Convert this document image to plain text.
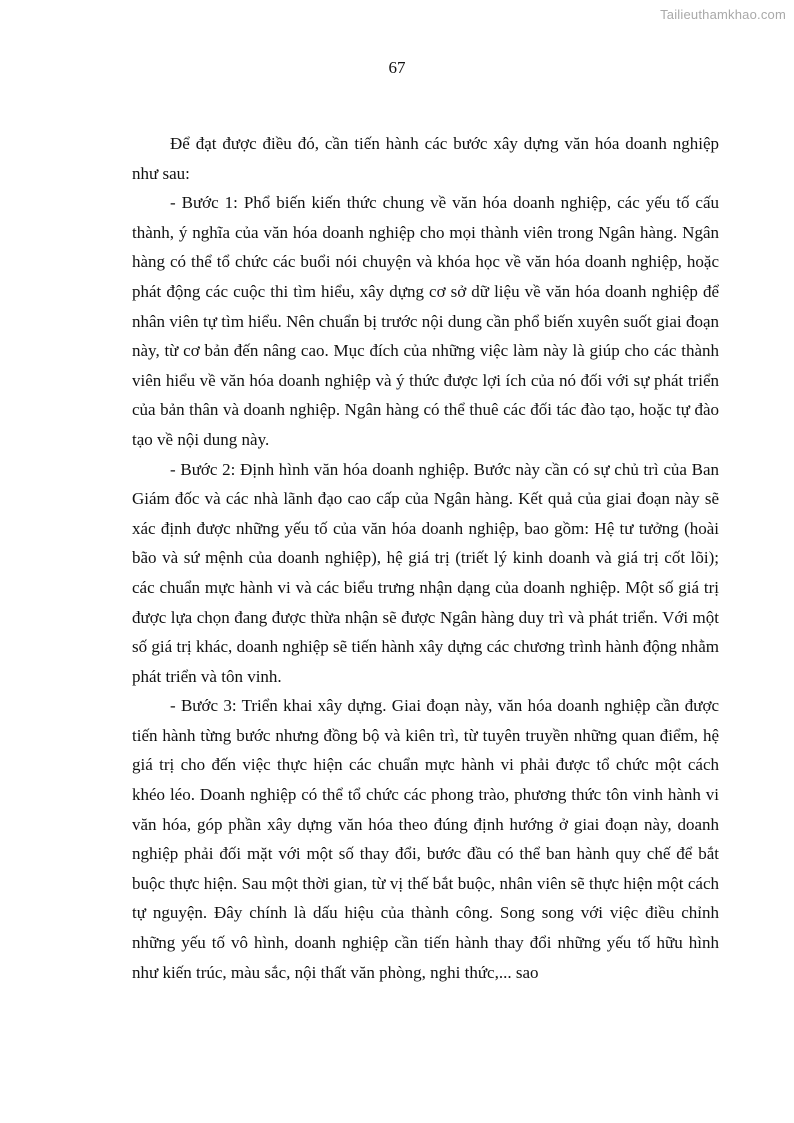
Tailieuthamkhao.com
67

Để đạt được điều đó, cần tiến hành các bước xây dựng văn hóa doanh nghiệp như sau:

- Bước 1: Phổ biến kiến thức chung về văn hóa doanh nghiệp, các yếu tố cấu thành, ý nghĩa của văn hóa doanh nghiệp cho mọi thành viên trong Ngân hàng. Ngân hàng có thể tổ chức các buổi nói chuyện và khóa học về văn hóa doanh nghiệp, hoặc phát động các cuộc thi tìm hiểu, xây dựng cơ sở dữ liệu về văn hóa doanh nghiệp để nhân viên tự tìm hiểu. Nên chuẩn bị trước nội dung cần phổ biến xuyên suốt giai đoạn này, từ cơ bản đến nâng cao. Mục đích của những việc làm này là giúp cho các thành viên hiểu về văn hóa doanh nghiệp và ý thức được lợi ích của nó đối với sự phát triển của bản thân và doanh nghiệp. Ngân hàng có thể thuê các đối tác đào tạo, hoặc tự đào tạo về nội dung này.

- Bước 2: Định hình văn hóa doanh nghiệp. Bước này cần có sự chủ trì của Ban Giám đốc và các nhà lãnh đạo cao cấp của Ngân hàng. Kết quả của giai đoạn này sẽ xác định được những yếu tố của văn hóa doanh nghiệp, bao gồm: Hệ tư tưởng (hoài bão và sứ mệnh của doanh nghiệp), hệ giá trị (triết lý kinh doanh và giá trị cốt lõi); các chuẩn mực hành vi và các biểu trưng nhận dạng của doanh nghiệp. Một số giá trị được lựa chọn đang được thừa nhận sẽ được Ngân hàng duy trì và phát triển. Với một số giá trị khác, doanh nghiệp sẽ tiến hành xây dựng các chương trình hành động nhằm phát triển và tôn vinh.

- Bước 3: Triển khai xây dựng. Giai đoạn này, văn hóa doanh nghiệp cần được tiến hành từng bước nhưng đồng bộ và kiên trì, từ tuyên truyền những quan điểm, hệ giá trị cho đến việc thực hiện các chuẩn mực hành vi phải được tổ chức một cách khéo léo. Doanh nghiệp có thể tổ chức các phong trào, phương thức tôn vinh hành vi văn hóa, góp phần xây dựng văn hóa theo đúng định hướng ở giai đoạn này, doanh nghiệp phải đối mặt với một số thay đổi, bước đầu có thể ban hành quy chế để bắt buộc thực hiện. Sau một thời gian, từ vị thế bắt buộc, nhân viên sẽ thực hiện một cách tự nguyện. Đây chính là dấu hiệu của thành công. Song song với việc điều chỉnh những yếu tố vô hình, doanh nghiệp cần tiến hành thay đổi những yếu tố hữu hình như kiến trúc, màu sắc, nội thất văn phòng, nghi thức,... sao
